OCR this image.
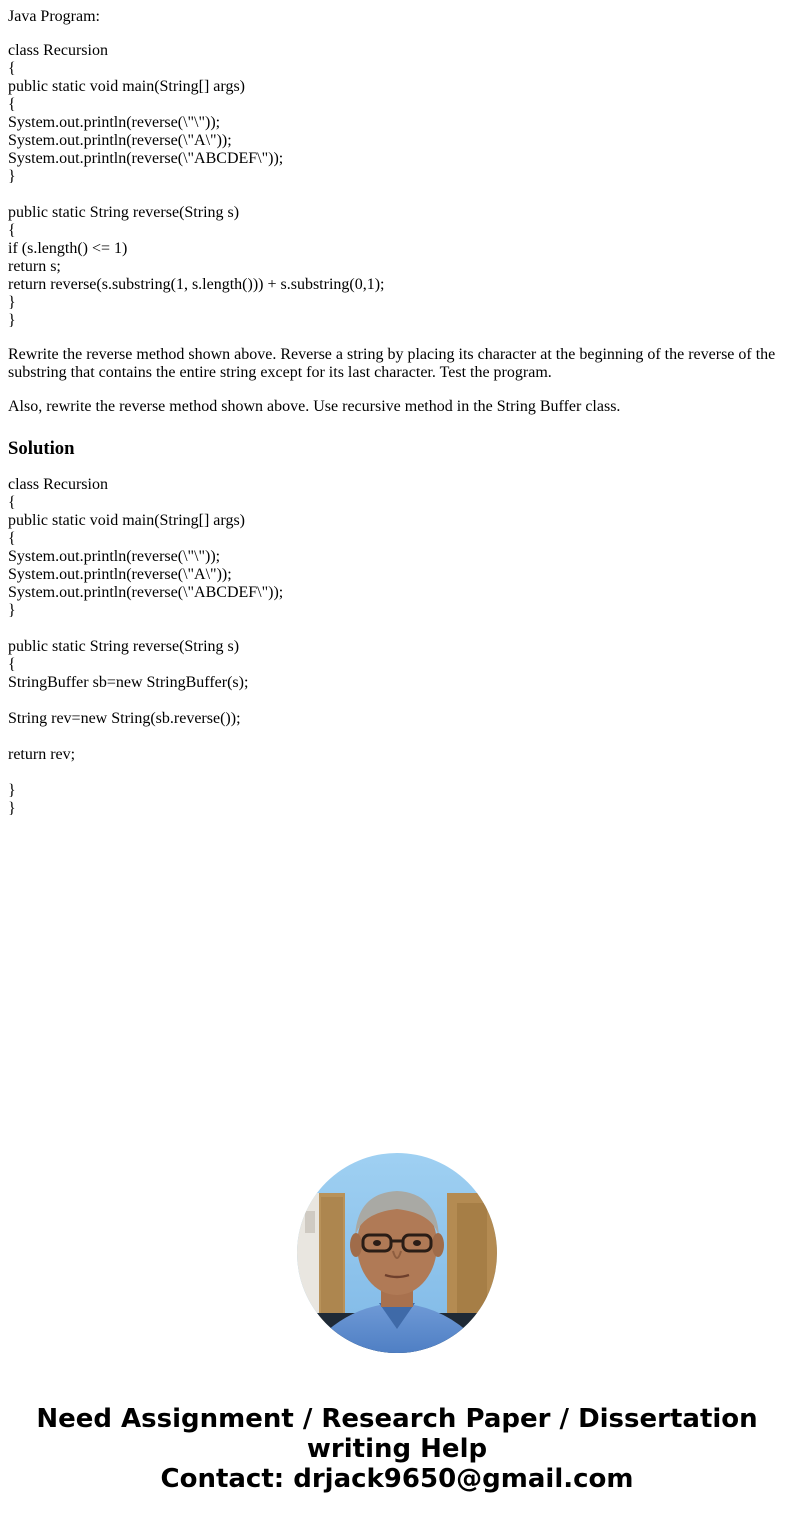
Java Program:
class Recursion
{
public static void main(String[] args)
{
System.out.println(reverse(\"\"));
System.out.println(reverse(\"A\"));
System.out.println(reverse(\"ABCDEF\"));
}
public static String reverse(String s)
{
if (s.length() <= 1)
return s;
return reverse(s.substring(1, s.length())) + s.substring(0,1);
}
}

Rewrite the reverse method shown above. Reverse a string by placing its character at the beginning of the reverse of the substring that contains the entire string except for its last character. Test the program.

Also, rewrite the reverse method shown above. Use recursive method in the String Buffer class.

Solution
class Recursion
{
public static void main(String[] args)
{
System.out.println(reverse(\"\"));
System.out.println(reverse(\"A\"));
System.out.println(reverse(\"ABCDEF\"));
}
public static String reverse(String s)
{
StringBuffer sb=new StringBuffer(s);
String rev=new String(sb.reverse());
return rev;
}
}
Need Assignment / Research Paper / Dissertation
writing Help
Contact: drjack9650@gmail.com
